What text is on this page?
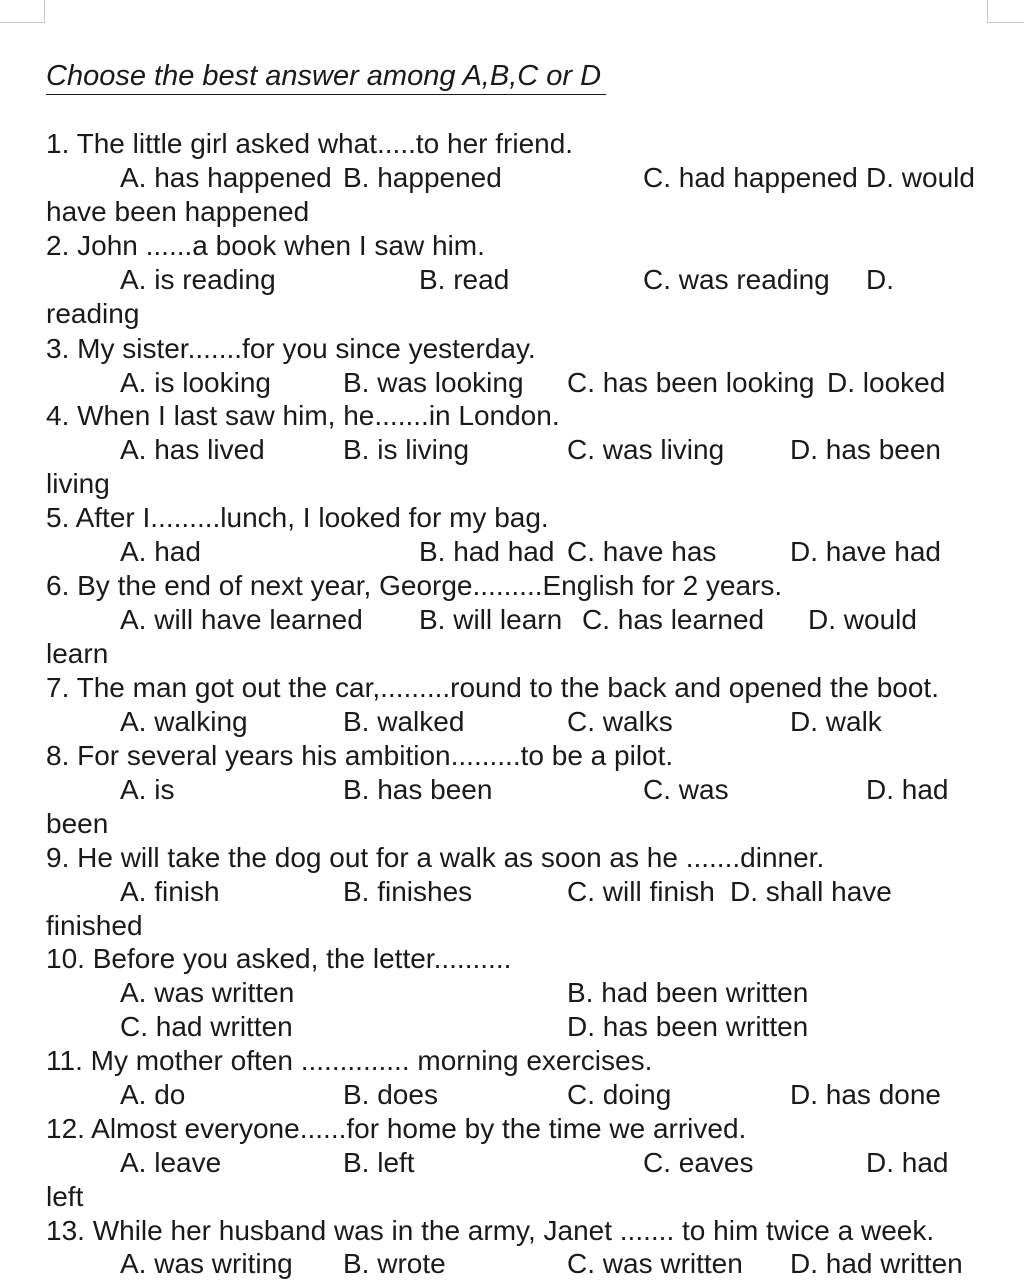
Choose the best answer among A,B,C or D
1. The little girl asked what.....to her friend.
A. has happened B. happened	C. had happened D. would
have been happened
2. John ......a book when I saw him.
A. is reading	B. read	C. was reading D.
reading
3. My sister.......for you since yesterday.
A. is looking	B. was looking C. has been looking D. looked
4. When I last saw him, he.......in London.
A. has lived	B. is living	C. was living D. has been
living
5. After I.........lunch, I looked for my bag.
A. had	B. had had C. have has	D. have had
6. By the end of next year, George.........English for 2 years.
A. will have learned B. will learn C. has learned D. would
learn
7. The man got out the car,.........round to the back and opened the boot.
A. walking	B. walked	C. walks	D. walk
8. For several years his ambition.........to be a pilot.
A. is	B. has been	C. was	D. had
been
9. He will take the dog out for a walk as soon as he .......dinner.
A. finish	B. finishes	C. will finish D. shall have
finished
10. Before you asked, the letter..........
A. was written	B. had been written
C. had written	D. has been written
11. My mother often .............. morning exercises.
A. do	B. does	C. doing	D. has done
12. Almost everyone......for home by the time we arrived.
A. leave	B. left	C. eaves	D. had
left
13. While her husband was in the army, Janet ....... to him twice a week.
A. was writing B. wrote	C. was written D. had written
